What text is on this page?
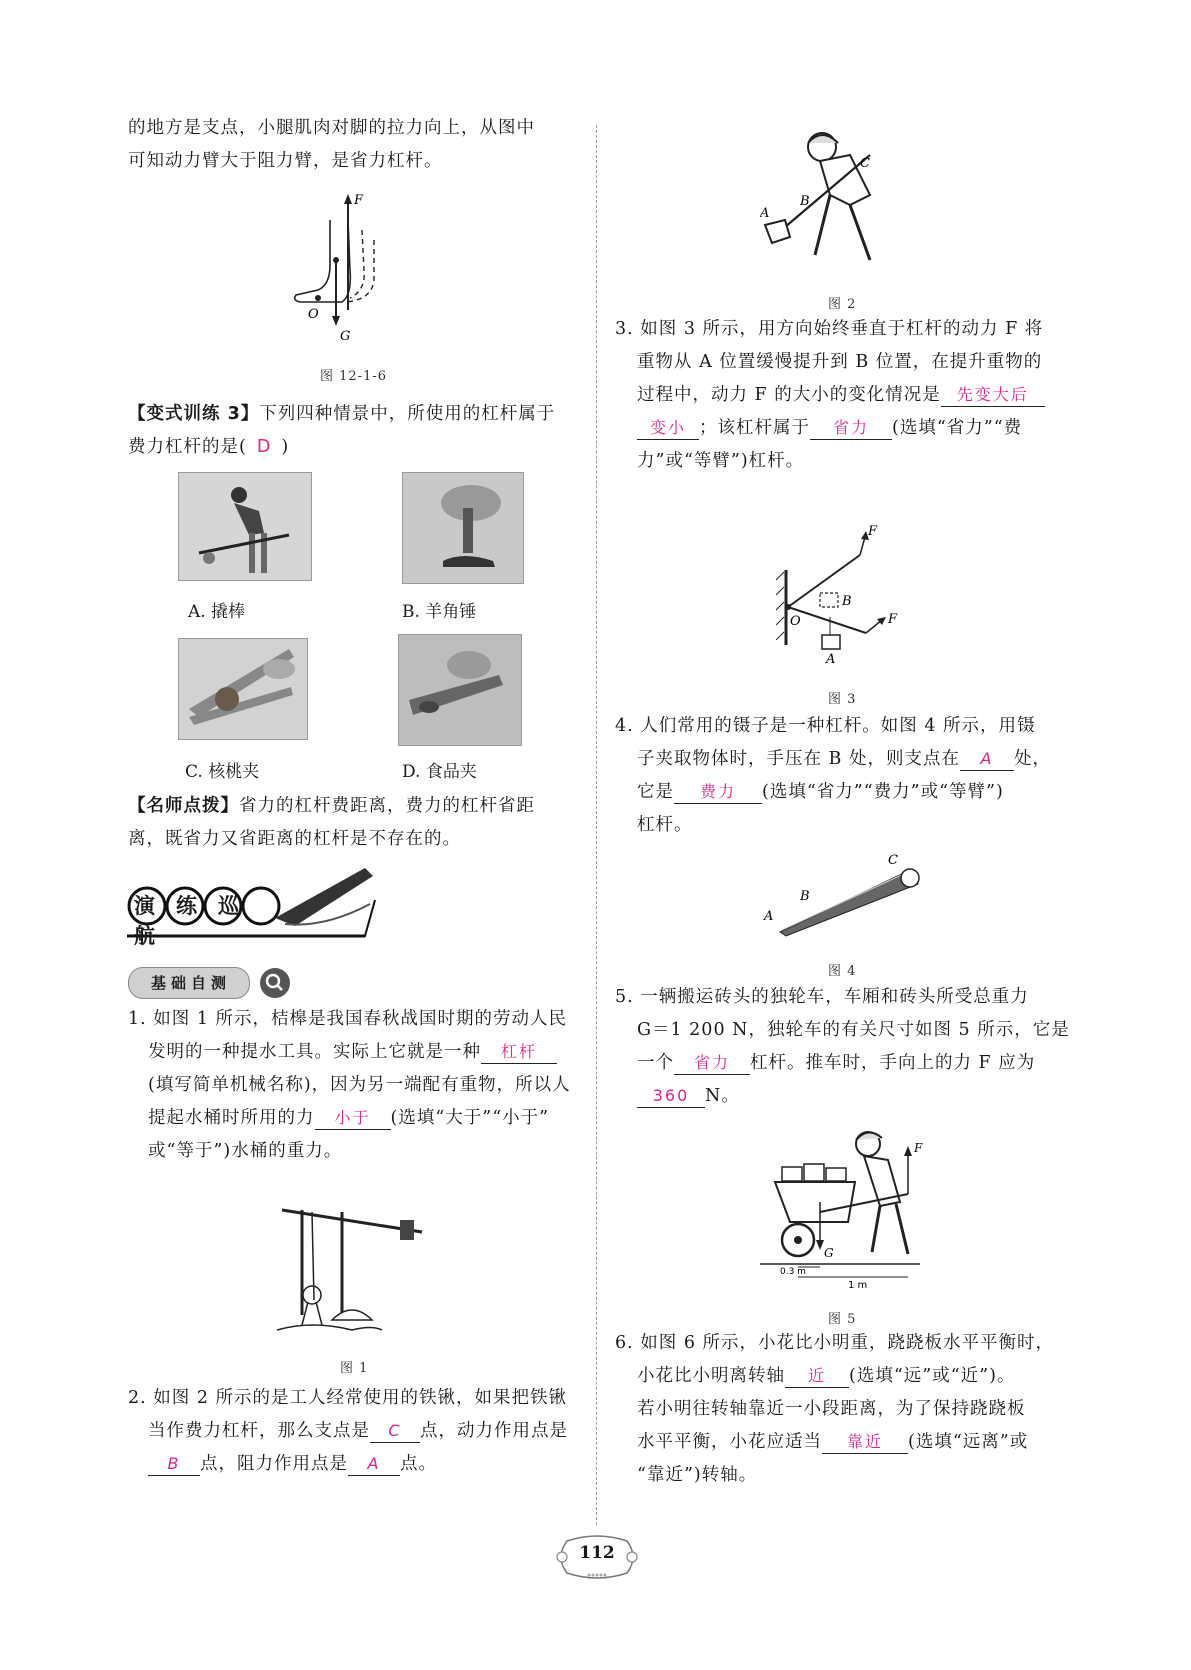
的地方是支点，小腿肌肉对脚的拉力向上，从图中
可知动力臂大于阻力臂，是省力杠杆。
F
O
G
图 12-1-6
【变式训练 3】下列四种情景中，所使用的杠杆属于
费力杠杆的是( D )
A. 撬棒	B. 羊角锤
C. 核桃夹	D. 食品夹
【名师点拨】省力的杠杆费距离，费力的杠杆省距
离，既省力又省距离的杠杆是不存在的。
演练巡航
基础自测
1. 如图 1 所示，桔槔是我国春秋战国时期的劳动人民
发明的一种提水工具。实际上它就是一种 杠杆
(填写简单机械名称)，因为另一端配有重物，所以人
提起水桶时所用的力 小于 (选填“大于”“小于”
或“等于”)水桶的重力。
图 1
2. 如图 2 所示的是工人经常使用的铁锹，如果把铁锹
当作费力杠杆，那么支点是 C 点，动力作用点是
B 点，阻力作用点是 A 点。
C
B
A
图 2
3. 如图 3 所示，用方向始终垂直于杠杆的动力 F 将
重物从 A 位置缓慢提升到 B 位置，在提升重物的
过程中，动力 F 的大小的变化情况是 先变大后
变小 ；该杠杆属于 省力 (选填“省力”“费
力”或“等臂”)杠杆。
F
F
B
O
A
图 3
4. 人们常用的镊子是一种杠杆。如图 4 所示，用镊
子夹取物体时，手压在 B 处，则支点在 A 处，
它是 费力 (选填“省力”“费力”或“等臂”)
杠杆。
C
B
A
图 4
5. 一辆搬运砖头的独轮车，车厢和砖头所受总重力
G＝1 200 N，独轮车的有关尺寸如图 5 所示，它是
一个 省力 杠杆。推车时，手向上的力 F 应为
360 N。
F
G
0.3 m
1 m
图 5
6. 如图 6 所示，小花比小明重，跷跷板水平平衡时，
小花比小明离转轴 近 (选填“远”或“近”)。
若小明往转轴靠近一小段距离，为了保持跷跷板
水平平衡，小花应适当 靠近 (选填“远离”或
“靠近”)转轴。
112
